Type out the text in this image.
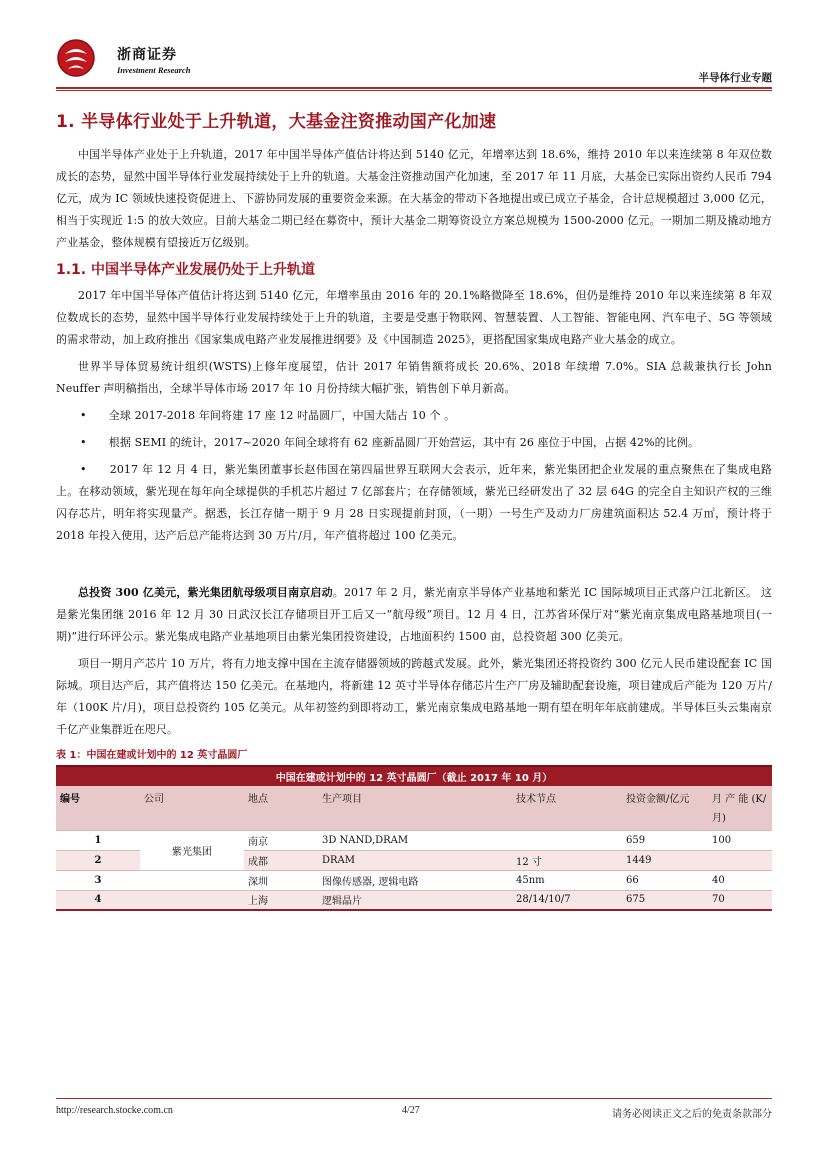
浙商证券
Investment Research
半导体行业专题
1. 半导体行业处于上升轨道，大基金注资推动国产化加速

中国半导体产业处于上升轨道，2017 年中国半导体产值估计将达到 5140 亿元，年增率达到 18.6%，维持 2010 年以来连续第 8 年双位数成长的态势，显然中国半导体行业发展持续处于上升的轨道。大基金注资推动国产化加速，至 2017 年 11 月底，大基金已实际出资约人民币 794 亿元，成为 IC 领域快速投资促进上、下游协同发展的重要资金来源。在大基金的带动下各地提出或已成立子基金，合计总规模超过 3,000 亿元，相当于实现近 1:5 的放大效应。目前大基金二期已经在募资中，预计大基金二期筹资设立方案总规模为 1500-2000 亿元。一期加二期及撬动地方产业基金，整体规模有望接近万亿级别。

1.1. 中国半导体产业发展仍处于上升轨道

2017 年中国半导体产值估计将达到 5140 亿元，年增率虽由 2016 年的 20.1%略微降至 18.6%，但仍是维持 2010 年以来连续第 8 年双位数成长的态势，显然中国半导体行业发展持续处于上升的轨道，主要是受惠于物联网、智慧装置、人工智能、智能电网、汽车电子、5G 等领域的需求带动，加上政府推出《国家集成电路产业发展推进纲要》及《中国制造 2025》，更搭配国家集成电路产业大基金的成立。

世界半导体贸易统计组织(WSTS)上修年度展望，估计 2017 年销售额将成长 20.6%、2018 年续增 7.0%。SIA 总裁兼执行长 John Neuffer 声明稿指出，全球半导体市场 2017 年 10 月份持续大幅扩张，销售创下单月新高。

•　　全球 2017-2018 年间将建 17 座 12 吋晶圆厂，中国大陆占 10 个 。

•　　根据 SEMI 的统计，2017~2020 年间全球将有 62 座新晶圆厂开始营运，其中有 26 座位于中国，占据 42%的比例。

•　　2017 年 12 月 4 日，紫光集团董事长赵伟国在第四届世界互联网大会表示，近年来，紫光集团把企业发展的重点聚焦在了集成电路上。在移动领域，紫光现在每年向全球提供的手机芯片超过 7 亿部套片；在存储领域，紫光已经研发出了 32 层 64G 的完全自主知识产权的三维闪存芯片，明年将实现量产。据悉，长江存储一期于 9 月 28 日实现提前封顶，（一期）一号生产及动力厂房建筑面积达 52.4 万㎡，预计将于 2018 年投入使用，达产后总产能将达到 30 万片/月，年产值将超过 100 亿美元。

总投资 300 亿美元，紫光集团航母级项目南京启动。2017 年 2 月，紫光南京半导体产业基地和紫光 IC 国际城项目正式落户江北新区。 这是紫光集团继 2016 年 12 月 30 日武汉长江存储项目开工后又一“航母级”项目。12 月 4 日，江苏省环保厅对“紫光南京集成电路基地项目(一期)”进行环评公示。紫光集成电路产业基地项目由紫光集团投资建设，占地面积约 1500 亩，总投资超 300 亿美元。

项目一期月产芯片 10 万片，将有力地支撑中国在主流存储器领域的跨越式发展。此外，紫光集团还将投资约 300 亿元人民币建设配套 IC 国际城。项目达产后，其产值将达 150 亿美元。在基地内，将新建 12 英寸半导体存储芯片生产厂房及辅助配套设施，项目建成后产能为 120 万片/年（100K 片/月)，项目总投资约 105 亿美元。从年初签约到即将动工，紫光南京集成电路基地一期有望在明年年底前建成。半导体巨头云集南京千亿产业集群近在咫尺。

表 1：中国在建或计划中的 12 英寸晶圆厂
中国在建或计划中的 12 英寸晶圆厂（截止 2017 年 10 月）						
编号	公司	地点	生产项目	技术节点	投资金额/亿元	月 产 能 (K/月)
1	紫光集团	南京	3D NAND,DRAM		659	100
2		成都	DRAM	12 寸	1449	
3		深圳	图像传感器, 逻辑电路	45nm	66	40
4		上海	逻辑晶片	28/14/10/7	675	70
http://research.stocke.com.cn	4/27	请务必阅读正文之后的免责条款部分
